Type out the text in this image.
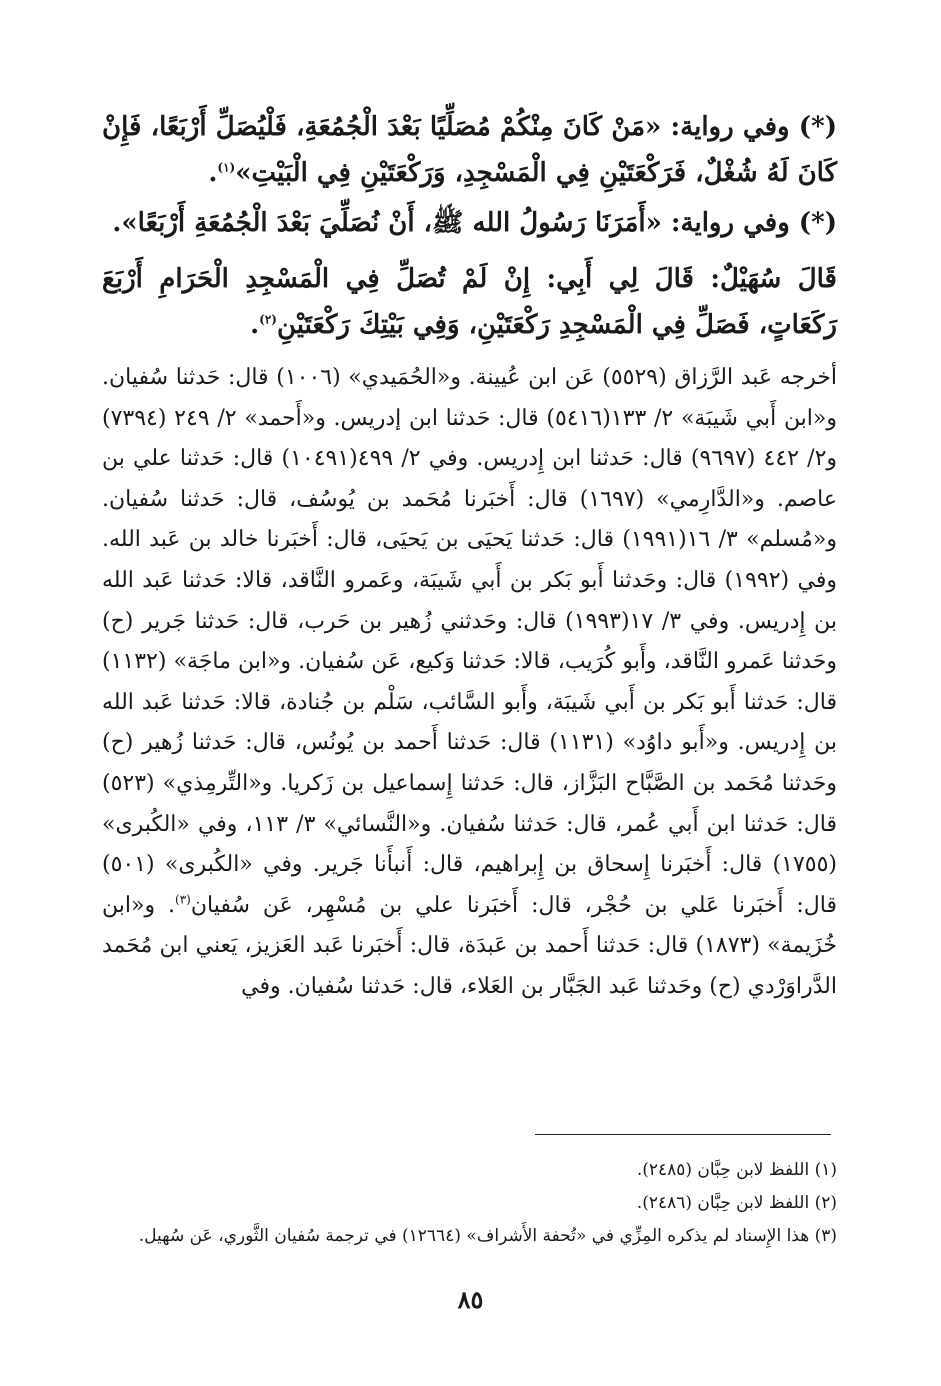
(*) وفي رواية: «مَنْ كَانَ مِنْكُمْ مُصَلِّيًا بَعْدَ الْجُمُعَةِ، فَلْيُصَلِّ أَرْبَعًا، فَإِنْ كَانَ لَهُ شُغْلٌ، فَرَكْعَتَيْنِ فِي الْمَسْجِدِ، وَرَكْعَتَيْنِ فِي الْبَيْتِ»$^{(١)}$.

(*) وفي رواية: «أَمَرَنَا رَسُولُ الله ﷺ، أَنْ نُصَلِّيَ بَعْدَ الْجُمُعَةِ أَرْبَعًا».

قَالَ سُهَيْلٌ: قَالَ لِي أَبِي: إِنْ لَمْ تُصَلِّ فِي الْمَسْجِدِ الْحَرَامِ أَرْبَعَ رَكَعَاتٍ، فَصَلِّ فِي الْمَسْجِدِ رَكْعَتَيْنِ، وَفِي بَيْتِكَ رَكْعَتَيْنِ$^{(٢)}$.

أخرجه عَبد الرَّزاق (٥٥٢٩) عَن ابن عُيينة. و«الحُمَيدي» (١٠٠٦) قال: حَدثنا سُفيان. و«ابن أَبي شَيبَة» ٢/ ١٣٣(٥٤١٦) قال: حَدثنا ابن إدريس. و«أَحمد» ٢/ ٢٤٩ (٧٣٩٤) و٢/ ٤٤٢ (٩٦٩٧) قال: حَدثنا ابن إِدريس. وفي ٢/ ٤٩٩(١٠٤٩١) قال: حَدثنا علي بن عاصم. و«الدَّارِمي» (١٦٩٧) قال: أَخبَرنا مُحَمد بن يُوسُف، قال: حَدثنا سُفيان. و«مُسلم» ٣/ ١٦(١٩٩١) قال: حَدثنا يَحيَى بن يَحيَى، قال: أَخبَرنا خالد بن عَبد الله. وفي (١٩٩٢) قال: وحَدثنا أَبو بَكر بن أَبي شَيبَة، وعَمرو النَّاقد، قالا: حَدثنا عَبد الله بن إِدريس. وفي ٣/ ١٧(١٩٩٣) قال: وحَدثني زُهير بن حَرب، قال: حَدثنا جَرير (ح) وحَدثنا عَمرو النَّاقد، وأَبو كُرَيب، قالا: حَدثنا وَكيع، عَن سُفيان. و«ابن ماجَة» (١١٣٢) قال: حَدثنا أَبو بَكر بن أَبي شَيبَة، وأَبو السَّائب، سَلْم بن جُنادة، قالا: حَدثنا عَبد الله بن إِدريس. و«أَبو داوُد» (١١٣١) قال: حَدثنا أَحمد بن يُونُس، قال: حَدثنا زُهير (ح) وحَدثنا مُحَمد بن الصَّبَّاح البَزَّاز، قال: حَدثنا إِسماعيل بن زَكريا. و«التِّرمِذي» (٥٢٣) قال: حَدثنا ابن أَبي عُمر، قال: حَدثنا سُفيان. و«النَّسائي» ٣/ ١١٣، وفي «الكُبرى» (١٧٥٥) قال: أَخبَرنا إِسحاق بن إِبراهيم، قال: أَنبأَنا جَرير. وفي «الكُبرى» (٥٠١) قال: أَخبَرنا عَلي بن حُجْر، قال: أَخبَرنا علي بن مُسْهِر، عَن سُفيان$^{(٣)}$. و«ابن خُزَيمة» (١٨٧٣) قال: حَدثنا أَحمد بن عَبدَة، قال: أَخبَرنا عَبد العَزيز، يَعني ابن مُحَمد الدَّراوَرْدي (ح) وحَدثنا عَبد الجَبَّار بن العَلاء، قال: حَدثنا سُفيان. وفي

(١) اللفظ لابن حِبَّان (٢٤٨٥).

(٢) اللفظ لابن حِبَّان (٢٤٨٦).

(٣) هذا الإِسناد لم يذكره المِزِّي في «تُحفة الأَشراف» (١٢٦٦٤) في ترجمة سُفيان الثَّوري، عَن سُهيل.

٨٥
